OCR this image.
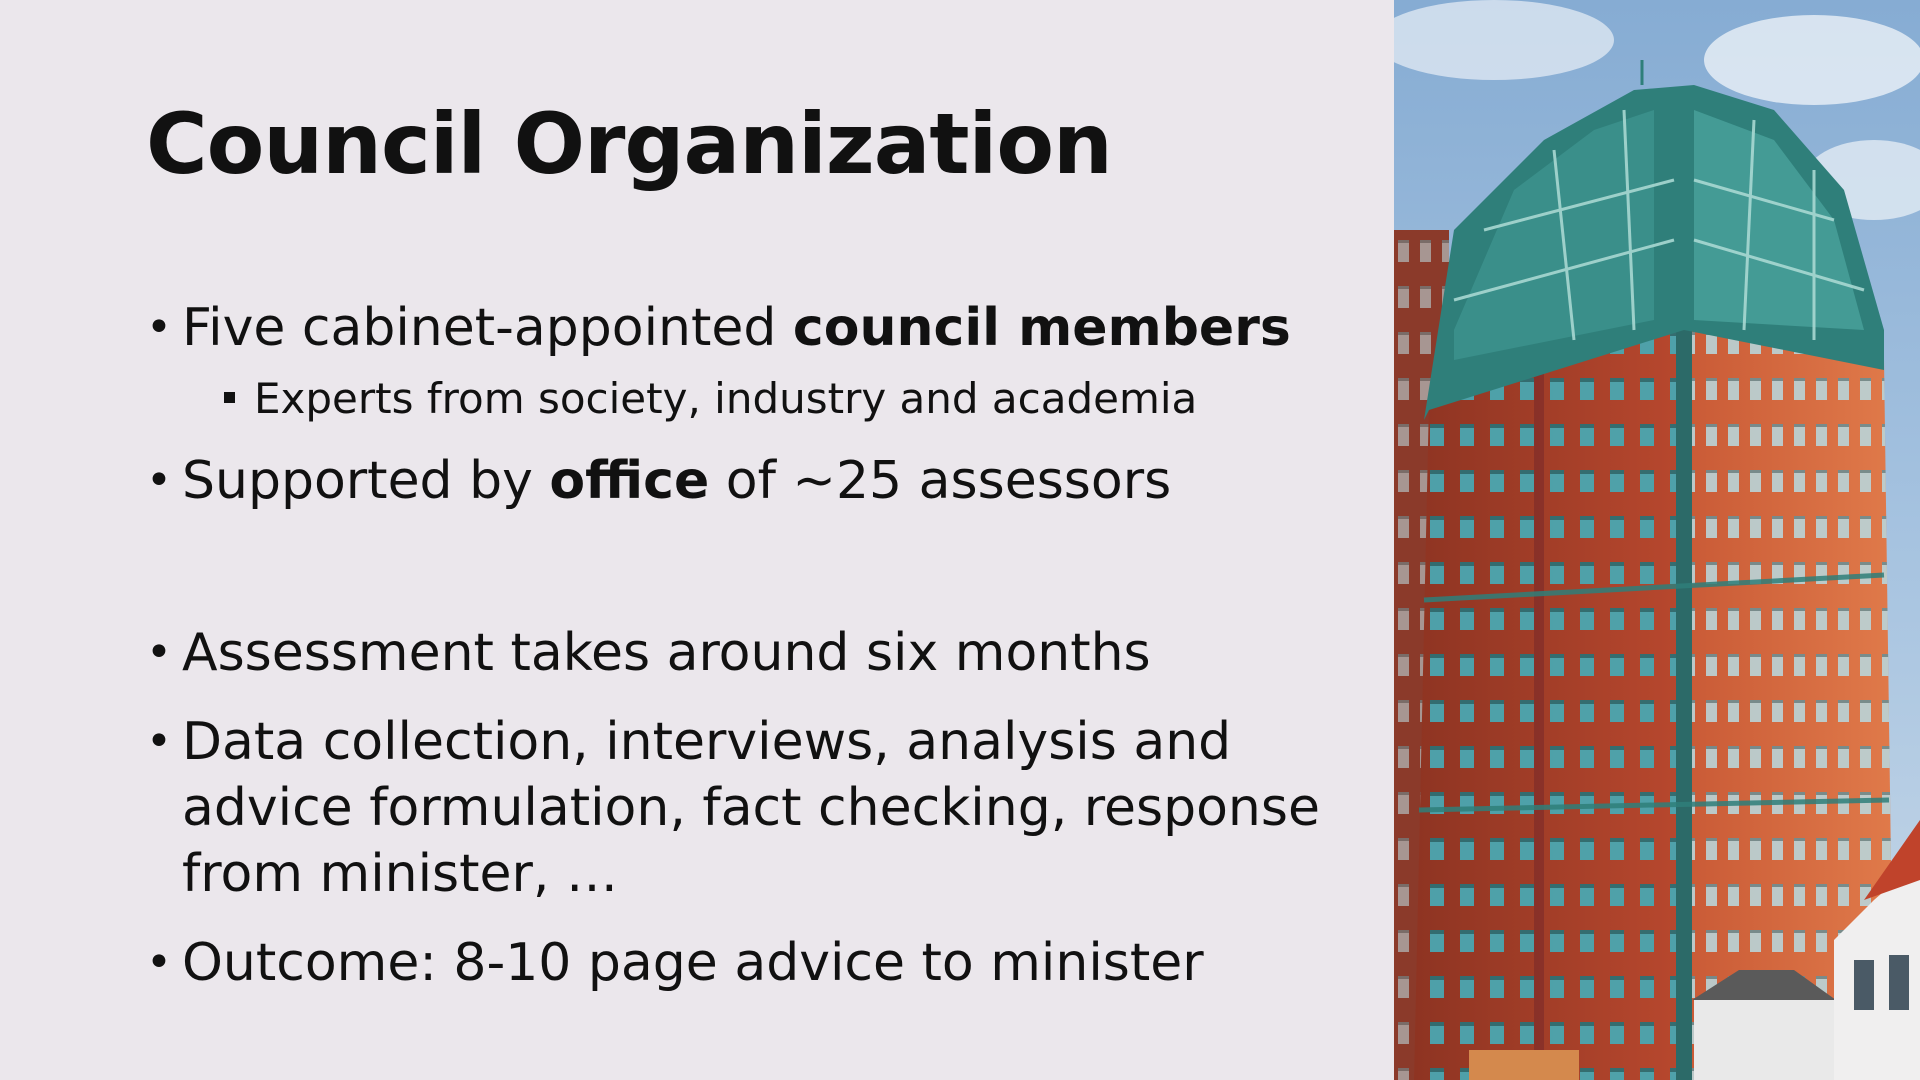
Council Organization
• Five cabinet-appointed council members
Experts from society, industry and academia
• Supported by office of ~25 assessors
• Assessment takes around six months
• Data collection, interviews, analysis and
advice formulation, fact checking, response
from minister, …
• Outcome: 8-10 page advice to minister
